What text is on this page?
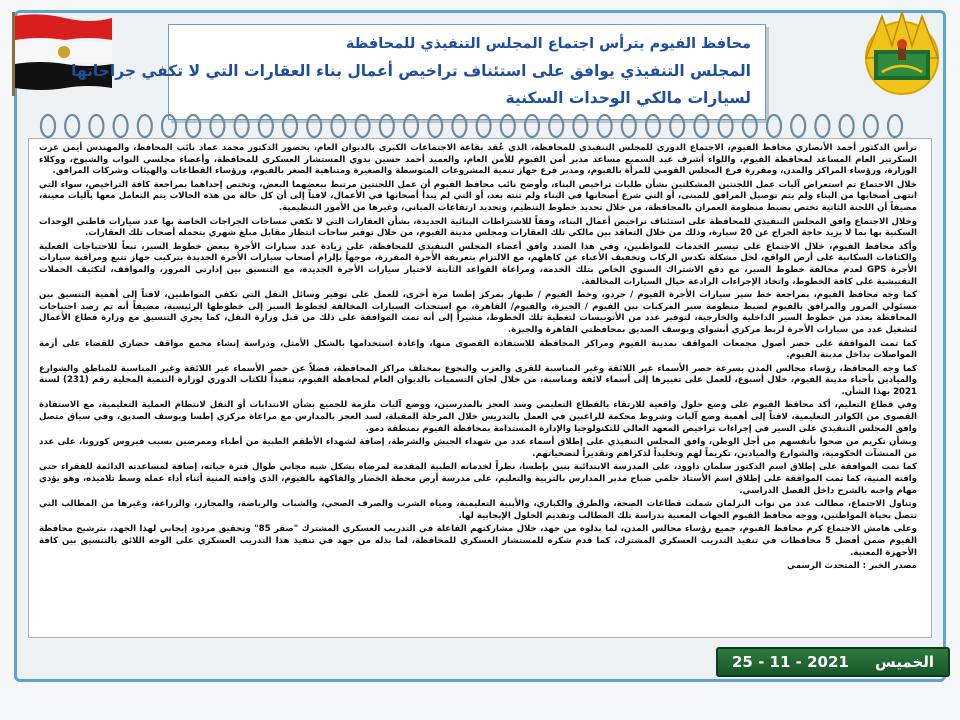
محافظ الفيوم يترأس اجتماع المجلس التنفيذي للمحافظة
المجلس التنفيذي يوافق على استئناف تراخيص أعمال بناء العقارات التي لا تكفي جراجاتها
لسيارات مالكي الوحدات السكنية

ترأس الدكتور أحمد الأنصاري محافظ الفيوم، الاجتماع الدوري للمجلس التنفيذي للمحافظة، الذي عُقد بقاعة الاجتماعات الكبرى بالديوان العام، بحضور الدكتور محمد عماد نائب المحافظ، والمهندس أيمن عزت السكرتير العام المساعد لمحافظة الفيوم، واللواء أشرف عبد السميع مساعد مدير أمن الفيوم للأمن العام، والعميد أحمد حسين بدوي المستشار العسكري للمحافظة، وأعضاء مجلسي النواب والشيوخ، ووكلاء الوزارة، ورؤساء المراكز والمدن، ومقررة فرع المجلس القومي للمرأة بالفيوم، ومدير فرع جهاز تنمية المشروعات المتوسطة والصغيرة ومتناهية الصغر بالفيوم، ورؤساء القطاعات والهيئات وشركات المرافق.

خلال الاجتماع تم استعراض آليات عمل اللجنتين المشكلتين بشأن طلبات تراخيص البناء، وأوضح نائب محافظ الفيوم أن عمل اللجنتين مرتبط ببعضهما البعض، وتختص إحداهما بمراجعة كافة التراخيص، سواء التي انتهى أصحابها من البناء ولم يتم توصيل المرافق للمبنى، أو التي شرع أصحابها في البناء ولم تنته بعد، أو التي لم يبدأ أصحابها في الأعمال، لافتاً إلى أن كل حالة من هذه الحالات يتم التعامل معها بآليات معينة، مضيفاً أن اللجنة الثانية تختص بضبط منظومة العمران بالمحافظة، من خلال تحديد خطوط التنظيم، وتحديد ارتفاعات المباني، وغيرها من الأمور التنظيمية.

وخلال الاجتماع وافق المجلس التنفيذي للمحافظة على استئناف تراخيص أعمال البناء، وفقاً للاشتراطات البنائية الجديدة، بشأن العقارات التي لا تكفي مساحات الجراجات الخاصة بها عدد سيارات قاطني الوحدات السكنية بها بما لا يزيد حاجة الجراج عن 20 سيارة، وذلك من خلال التعاقد بين مالكي تلك العقارات ومجلس مدينة الفيوم، من خلال توفير ساحات انتظار مقابل مبلغ شهري يتحمله أصحاب تلك العقارات.

وأكد محافظ الفيوم، خلال الاجتماع على تيسير الخدمات للمواطنين، وفي هذا الصدد وافق أعضاء المجلس التنفيذي للمحافظة، على زيادة عدد سيارات الأجرة ببعض خطوط السير، تبعاً للاحتياجات الفعلية والكثافات السكانية على أرض الواقع، لحل مشكلة تكدس الركاب وتخفيف الأعباء عن كاهلهم، مع الالتزام بتعريفة الأجرة المقررة، موجهاً بإلزام أصحاب سيارات الأجرة الجديدة بتركيب جهاز تتبع ومراقبة سيارات الأجرة GPS لعدم مخالفة خطوط السير، مع دفع الاشتراك السنوي الخاص بتلك الخدمة، ومراعاة القواعد الثابتة لاختيار سيارات الأجرة الجديدة، مع التنسيق بين إدارتي المرور، والمواقف، لتكثيف الحملات التفتيشية على كافة الخطوط، واتخاذ الإجراءات الرادعة حيال السيارات المخالفة.

كما وجه محافظ الفيوم، بمراجعة خط سير سيارات الأجرة الفيوم / جردو، وخط الفيوم / طبهار بمركز إطسا مرة أخرى، للعمل على توفير وسائل النقل التي تكفي المواطنين، لافتاً إلى أهمية التنسيق بين مسئولي المرور والمرافق بالفيوم لضبط منظومة سير المركبات بين الفيوم / الجيزة، والفيوم/ القاهرة، مع استحداث السيارات المخالفة لخطوط السير إلى خطوطها الرئيسية، مضيفاً أنه تم رصد احتياجات المحافظة بعدد من خطوط السير الداخلية والخارجية، لتوفير عدد من الأتوبيسات لتغطية تلك الخطوط، مشيراً إلى أنه تمت الموافقة على ذلك من قبل وزارة النقل، كما يجري التنسيق مع وزارة قطاع الأعمال لتشغيل عدد من سيارات الأجرة لربط مركزي أبشواي ويوسف الصديق بمحافظتي القاهرة والجيزة.

كما تمت الموافقة على حصر أصول مجمعات المواقف بمدينة الفيوم ومراكز المحافظة للاستفادة القصوى منها، وإعادة استخدامها بالشكل الأمثل، ودراسة إنشاء مجمع مواقف حضاري للقضاء على أزمة المواصلات بداخل مدينة الفيوم.

كما وجه المحافظ، رؤساء مجالس المدن بسرعة حصر الأسماء غير اللائقة وغير المناسبة للقرى والعزب والنجوع بمختلف مراكز المحافظة، فضلاً عن حصر الأسماء غير اللائقة وغير المناسبة للمناطق والشوارع والميادين بأحياء مدينة الفيوم، خلال أسبوع، للعمل على تغييرها إلى أسماء لائقة ومناسبة، من خلال لجان التسميات بالديوان العام لمحافظة الفيوم، تنفيذاً للكتاب الدوري لوزارة التنمية المحلية رقم (231) لسنة 2021 بهذا الشأن.

وفي قطاع التعليم، أكد محافظ الفيوم على وضع حلول واقعية للارتقاء بالقطاع التعليمي وسد العجز بالمدرسين، ووضع آليات ملزمة للجميع بشأن الانتدابات أو النقل لانتظام العملية التعليمية، مع الاستفادة القصوى من الكوادر التعليمية، لافتاً إلى أهمية وضع آليات وشروط محكمة للراغبين في العمل بالتدريس خلال المرحلة المقبلة، لسد العجز بالمدارس مع مراعاة مركزي إطسا ويوسف الصديق، وفي سياق متصل وافق المجلس التنفيذي على السير في إجراءات تراخيص المعهد العالي للتكنولوجيا والإدارة المستدامة بمحافظة الفيوم بمنطقة دمو.

وبشأن تكريم من ضحوا بأنفسهم من أجل الوطن، وافق المجلس التنفيذي على إطلاق أسماء عدد من شهداء الجيش والشرطة، إضافة لشهداء الأطقم الطبية من أطباء وممرضين بسبب فيروس كورونا، على عدد من المنشآت الحكومية، والشوارع والميادين، تكريماً لهم وتخليداً لذكراهم وتقديراً لتضحياتهم.

كما تمت الموافقة على إطلاق اسم الدكتور سلمان داوود، على المدرسة الابتدائية بنين بإطسا، نظراً لخدماته الطبية المقدمة لمرضاه بشكل شبه مجاني طوال فترة حياته، إضافة لمساعدته الدائمة للفقراء حتى وافته المنية، كما تمت الموافقة على إطلاق اسم الأستاذ حلمي صباح مدير المدارس بالتربية والتعليم، على مدرسة أرض محطة الخضار والفاكهة بالفيوم، الذي وافته المنية أثناء أداء عمله وسط تلاميذه، وهو يؤدي مهام واجبه بالشرح داخل الفصل الدراسي.

وتناول الاجتماع، مطالب عدد من نواب البرلمان شملت قطاعات الصحة، والطرق والكباري، والأبنية التعليمية، ومياه الشرب والصرف الصحي، والشباب والرياضة، والمجازر، والزراعة، وغيرها من المطالب التي تتصل بحياة المواطنين، ووجه محافظ الفيوم الجهات المعنية بدراسة تلك المطالب وتقديم الحلول الإيجابية لها.

وعلى هامش الاجتماع كرم محافظ الفيوم، جميع رؤساء مجالس المدن، لما بذلوه من جهد، خلال مشاركتهم الفاعلة في التدريب العسكري المشترك "صقر 85" وتحقيق مردود إيجابي لهذا الجهد، بترشيح محافظة الفيوم ضمن أفضل 5 محافظات في تنفيذ التدريب العسكري المشترك، كما قدم شكره للمستشار العسكري للمحافظة، لما بذله من جهد في تنفيذ هذا التدريب العسكري على الوجه اللائق بالتنسيق بين كافة الأجهزة المعنية.

مصدر الخبر : المتحدث الرسمي

الخميس
25 - 11 - 2021
